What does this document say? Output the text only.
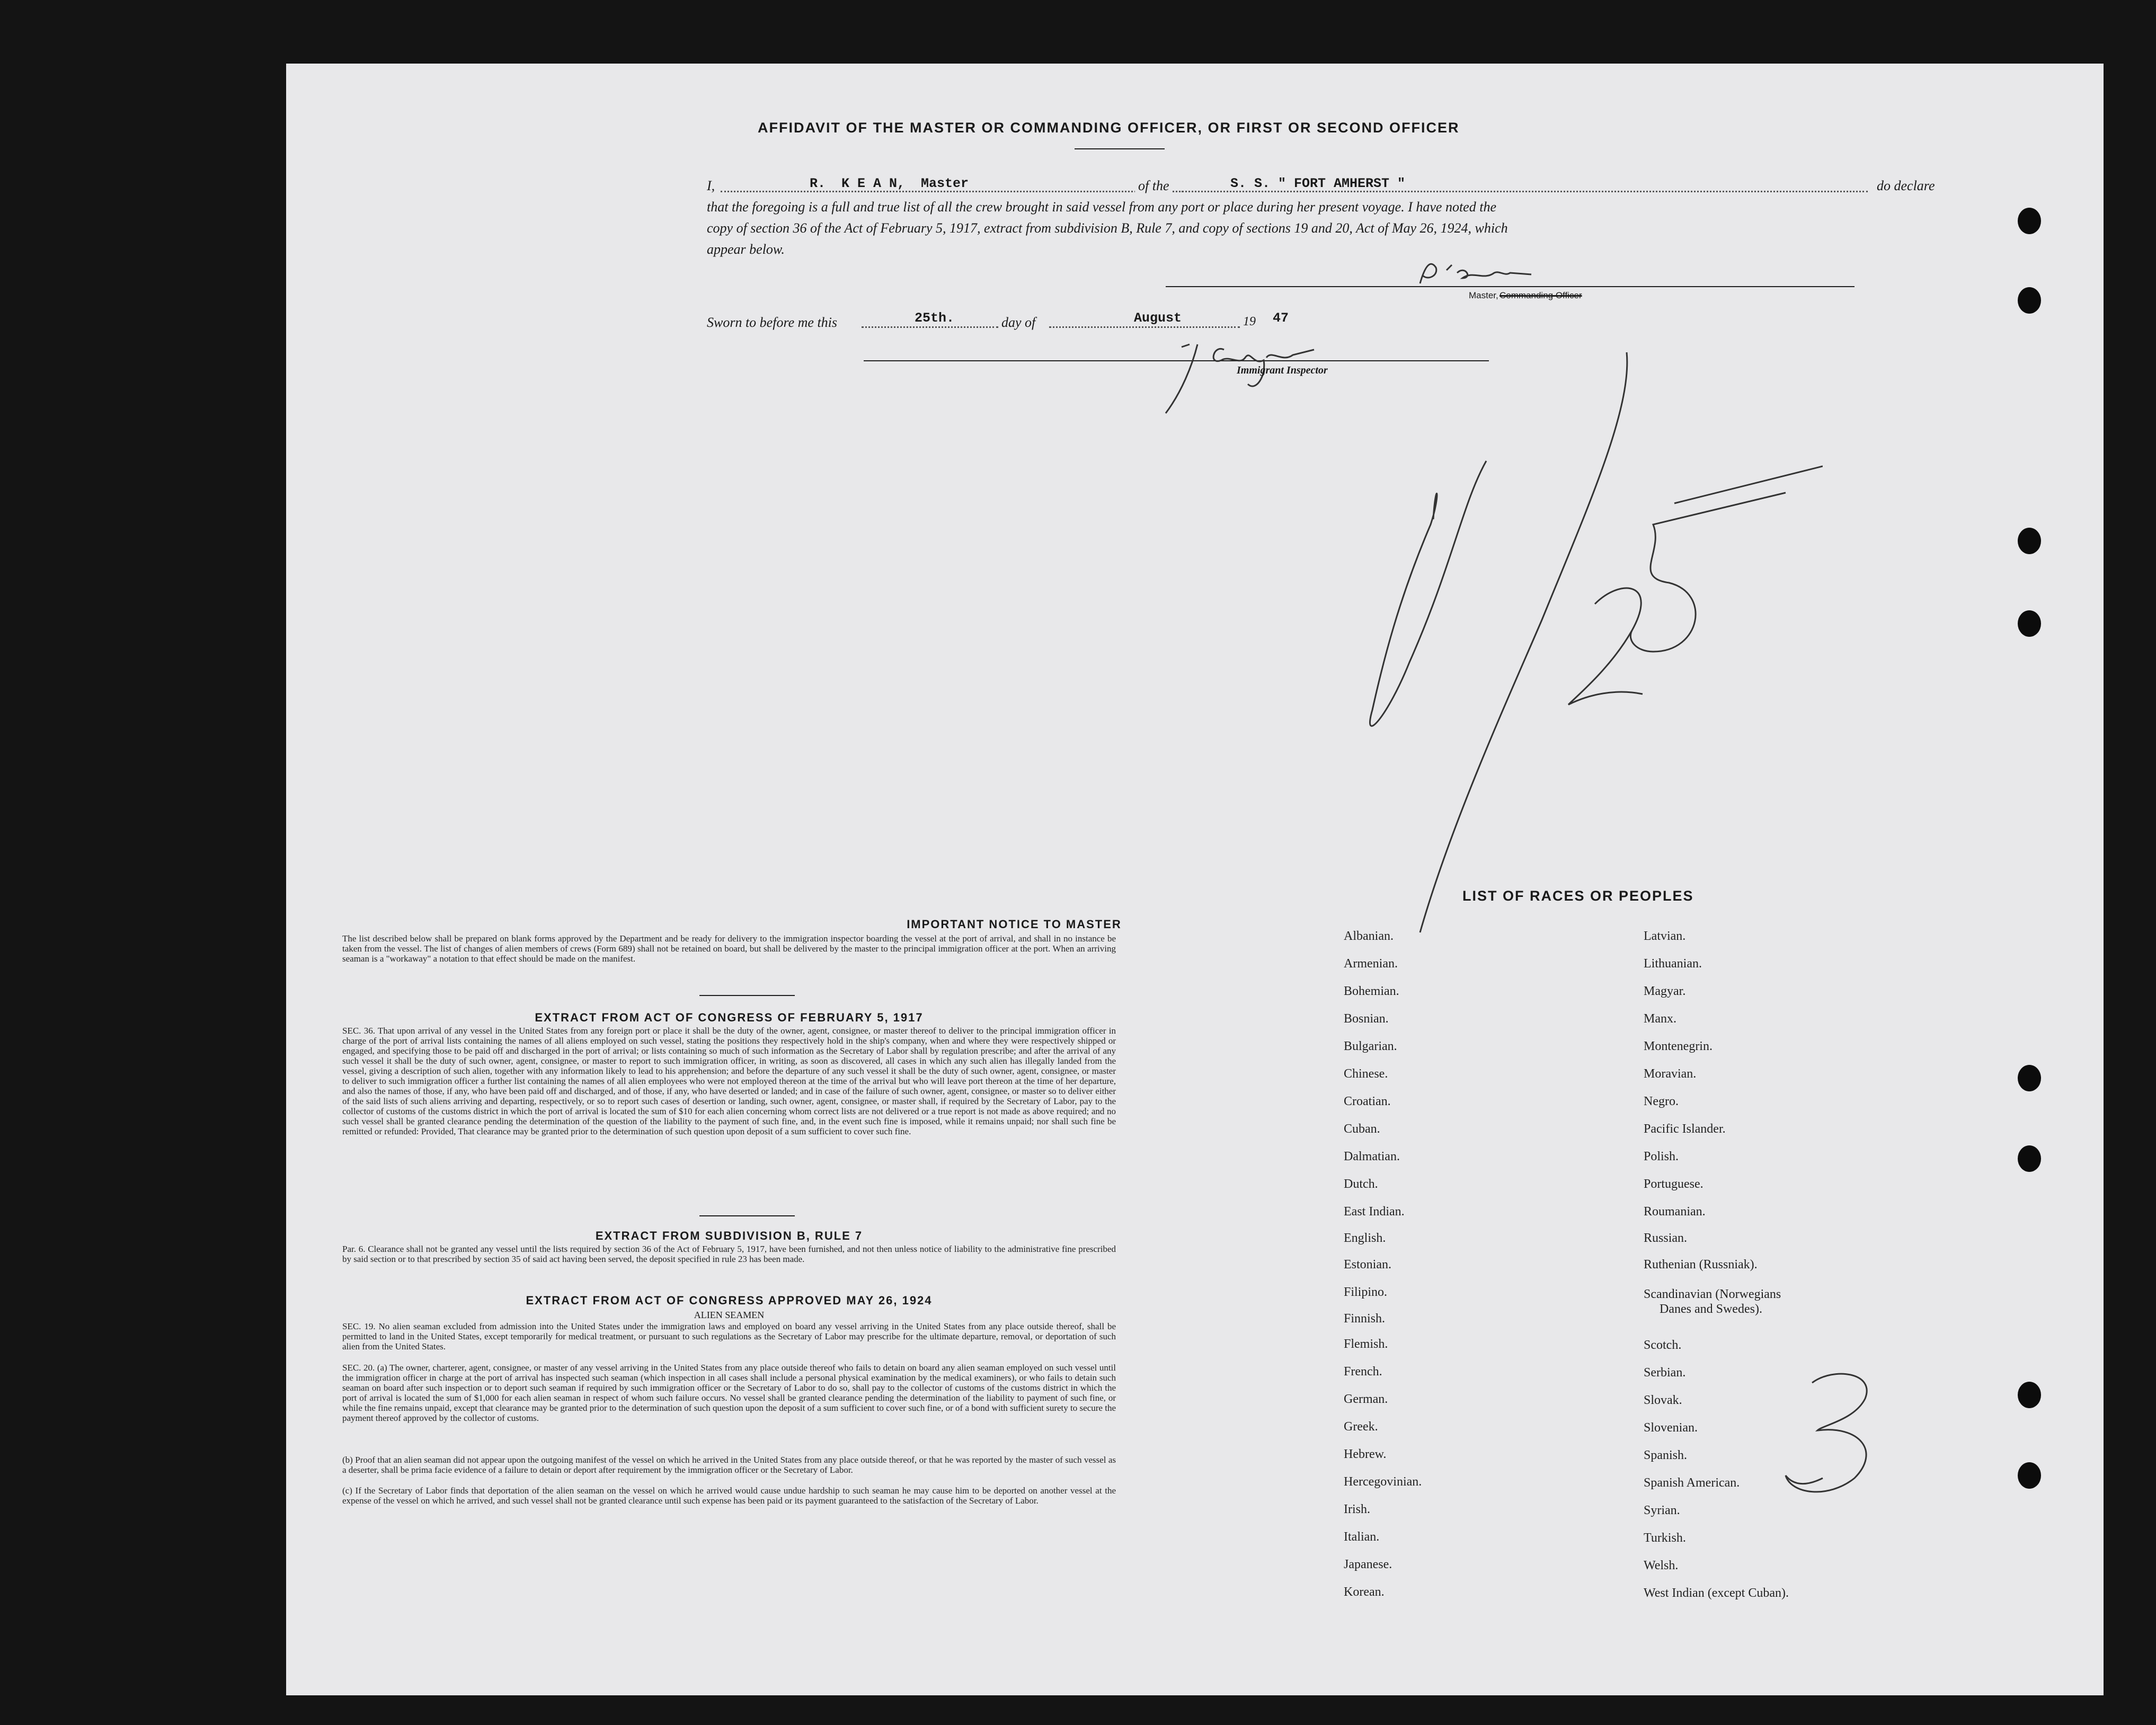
AFFIDAVIT OF THE MASTER OR COMMANDING OFFICER, OR FIRST OR SECOND OFFICER
I,	R.  K E A N,  Master	of the	S. S. " FORT AMHERST "	do declare
that the foregoing is a full and true list of all the crew brought in said vessel from any port or place during her present voyage. I have noted the
copy of section 36 of the Act of February 5, 1917, extract from subdivision B, Rule 7, and copy of sections 19 and 20, Act of May 26, 1924, which
appear below.
Master, Commanding Officer
Sworn to before me this	25th.	day of	August	19 47
Immigrant Inspector
IMPORTANT NOTICE TO MASTER
The list described below shall be prepared on blank forms approved by the Department and be ready for delivery to the immigration inspector boarding the vessel at the port of arrival, and shall in no instance be taken from the vessel. The list of changes of alien members of crews (Form 689) shall not be retained on board, but shall be delivered by the master to the principal immigration officer at the port. When an arriving seaman is a "workaway" a notation to that effect should be made on the manifest.
EXTRACT FROM ACT OF CONGRESS OF FEBRUARY 5, 1917
SEC. 36. That upon arrival of any vessel in the United States from any foreign port or place it shall be the duty of the owner, agent, consignee, or master thereof to deliver to the principal immigration officer in charge of the port of arrival lists containing the names of all aliens employed on such vessel, stating the positions they respectively hold in the ship's company, when and where they were respectively shipped or engaged, and specifying those to be paid off and discharged in the port of arrival; or lists containing so much of such information as the Secretary of Labor shall by regulation prescribe; and after the arrival of any such vessel it shall be the duty of such owner, agent, consignee, or master to report to such immigration officer, in writing, as soon as discovered, all cases in which any such alien has illegally landed from the vessel, giving a description of such alien, together with any information likely to lead to his apprehension; and before the departure of any such vessel it shall be the duty of such owner, agent, consignee, or master to deliver to such immigration officer a further list containing the names of all alien employees who were not employed thereon at the time of the arrival but who will leave port thereon at the time of her departure, and also the names of those, if any, who have been paid off and discharged, and of those, if any, who have deserted or landed; and in case of the failure of such owner, agent, consignee, or master so to deliver either of the said lists of such aliens arriving and departing, respectively, or so to report such cases of desertion or landing, such owner, agent, consignee, or master shall, if required by the Secretary of Labor, pay to the collector of customs of the customs district in which the port of arrival is located the sum of $10 for each alien concerning whom correct lists are not delivered or a true report is not made as above required; and no such vessel shall be granted clearance pending the determination of the question of the liability to the payment of such fine, and, in the event such fine is imposed, while it remains unpaid; nor shall such fine be remitted or refunded: Provided, That clearance may be granted prior to the determination of such question upon deposit of a sum sufficient to cover such fine.
EXTRACT FROM SUBDIVISION B, RULE 7
Par. 6. Clearance shall not be granted any vessel until the lists required by section 36 of the Act of February 5, 1917, have been furnished, and not then unless notice of liability to the administrative fine prescribed by said section or to that prescribed by section 35 of said act having been served, the deposit specified in rule 23 has been made.
EXTRACT FROM ACT OF CONGRESS APPROVED MAY 26, 1924
ALIEN SEAMEN
SEC. 19. No alien seaman excluded from admission into the United States under the immigration laws and employed on board any vessel arriving in the United States from any place outside thereof, shall be permitted to land in the United States, except temporarily for medical treatment, or pursuant to such regulations as the Secretary of Labor may prescribe for the ultimate departure, removal, or deportation of such alien from the United States.
SEC. 20. (a) The owner, charterer, agent, consignee, or master of any vessel arriving in the United States from any place outside thereof who fails to detain on board any alien seaman employed on such vessel until the immigration officer in charge at the port of arrival has inspected such seaman (which inspection in all cases shall include a personal physical examination by the medical examiners), or who fails to detain such seaman on board after such inspection or to deport such seaman if required by such immigration officer or the Secretary of Labor to do so, shall pay to the collector of customs of the customs district in which the port of arrival is located the sum of $1,000 for each alien seaman in respect of whom such failure occurs. No vessel shall be granted clearance pending the determination of the liability to payment of such fine, or while the fine remains unpaid, except that clearance may be granted prior to the determination of such question upon the deposit of a sum sufficient to cover such fine, or of a bond with sufficient surety to secure the payment thereof approved by the collector of customs.
(b) Proof that an alien seaman did not appear upon the outgoing manifest of the vessel on which he arrived in the United States from any place outside thereof, or that he was reported by the master of such vessel as a deserter, shall be prima facie evidence of a failure to detain or deport after requirement by the immigration officer or the Secretary of Labor.
(c) If the Secretary of Labor finds that deportation of the alien seaman on the vessel on which he arrived would cause undue hardship to such seaman he may cause him to be deported on another vessel at the expense of the vessel on which he arrived, and such vessel shall not be granted clearance until such expense has been paid or its payment guaranteed to the satisfaction of the Secretary of Labor.
LIST OF RACES OR PEOPLES
Albanian.
Armenian.
Bohemian.
Bosnian.
Bulgarian.
Chinese.
Croatian.
Cuban.
Dalmatian.
Dutch.
East Indian.
English.
Estonian.
Filipino.
Finnish.
Flemish.
French.
German.
Greek.
Hebrew.
Hercegovinian.
Irish.
Italian.
Japanese.
Korean.
Latvian.
Lithuanian.
Magyar.
Manx.
Montenegrin.
Moravian.
Negro.
Pacific Islander.
Polish.
Portuguese.
Roumanian.
Russian.
Ruthenian (Russniak).
Scandinavian (Norwegians
Danes and Swedes).
Scotch.
Serbian.
Slovak.
Slovenian.
Spanish.
Spanish American.
Syrian.
Turkish.
Welsh.
West Indian (except Cuban).
